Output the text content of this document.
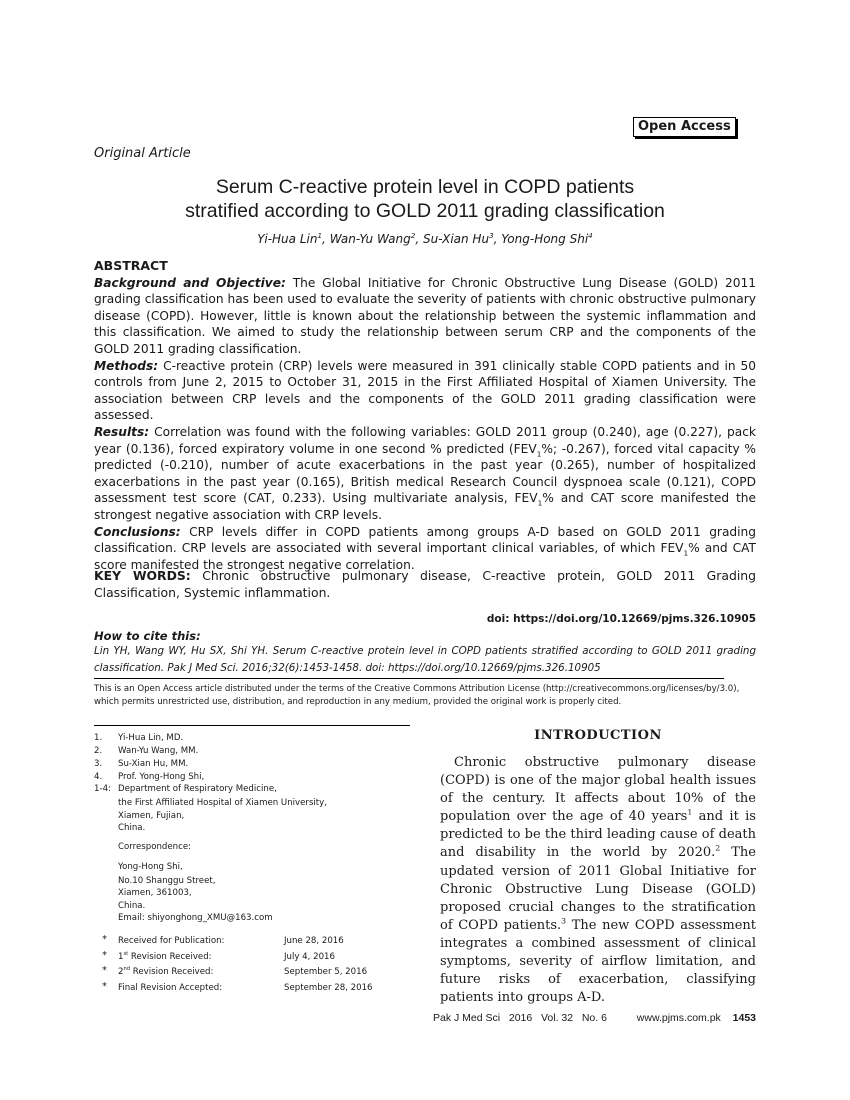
Open Access
Original Article
Serum C-reactive protein level in COPD patients
stratified according to GOLD 2011 grading classification
Yi-Hua Lin$^1$, Wan-Yu Wang$^2$, Su-Xian Hu$^3$, Yong-Hong Shi$^4$

ABSTRACT

Background and Objective: The Global Initiative for Chronic Obstructive Lung Disease (GOLD) 2011 grading classification has been used to evaluate the severity of patients with chronic obstructive pulmonary disease (COPD). However, little is known about the relationship between the systemic inflammation and this classification. We aimed to study the relationship between serum CRP and the components of the GOLD 2011 grading classification.

Methods: C-reactive protein (CRP) levels were measured in 391 clinically stable COPD patients and in 50 controls from June 2, 2015 to October 31, 2015 in the First Affiliated Hospital of Xiamen University. The association between CRP levels and the components of the GOLD 2011 grading classification were assessed.

Results: Correlation was found with the following variables: GOLD 2011 group (0.240), age (0.227), pack year (0.136), forced expiratory volume in one second % predicted ($FEV_1\%$; -0.267), forced vital capacity % predicted (-0.210), number of acute exacerbations in the past year (0.265), number of hospitalized exacerbations in the past year (0.165), British medical Research Council dyspnoea scale (0.121), COPD assessment test score (CAT, 0.233). Using multivariate analysis, $FEV_1\%$ and CAT score manifested the strongest negative association with CRP levels.

Conclusions: CRP levels differ in COPD patients among groups A-D based on GOLD 2011 grading classification. CRP levels are associated with several important clinical variables, of which $FEV_1\%$ and CAT score manifested the strongest negative correlation.

KEY WORDS: Chronic obstructive pulmonary disease, C-reactive protein, GOLD 2011 Grading Classification, Systemic inflammation.
doi: https://doi.org/10.12669/pjms.326.10905
How to cite this:
Lin YH, Wang WY, Hu SX, Shi YH. Serum C-reactive protein level in COPD patients stratified according to GOLD 2011 grading classification. Pak J Med Sci. 2016;32(6):1453-1458. doi: https://doi.org/10.12669/pjms.326.10905
This is an Open Access article distributed under the terms of the Creative Commons Attribution License (http://creativecommons.org/licenses/by/3.0), which permits unrestricted use, distribution, and reproduction in any medium, provided the original work is properly cited.
1. Yi-Hua Lin, MD.
2. Wan-Yu Wang, MM.
3. Su-Xian Hu, MM.
4. Prof. Yong-Hong Shi,
1-4: Department of Respiratory Medicine,
the First Affiliated Hospital of Xiamen University,
Xiamen, Fujian,
China.
Correspondence:
Yong-Hong Shi,
No.10 Shanggu Street,
Xiamen, 361003,
China.
Email: shiyonghong_XMU@163.com
* Received for Publication:	June 28, 2016
* 1st Revision Received:	July 4, 2016
* 2nd Revision Received:	September 5, 2016
* Final Revision Accepted:	September 28, 2016
INTRODUCTION
Chronic obstructive pulmonary disease (COPD) is one of the major global health issues of the century. It affects about 10% of the population over the age of 40 years$^1$ and it is predicted to be the third leading cause of death and disability in the world by 2020.$^2$ The updated version of 2011 Global Initiative for Chronic Obstructive Lung Disease (GOLD) proposed crucial changes to the stratification of COPD patients.$^3$ The new COPD assessment integrates a combined assessment of clinical symptoms, severity of airflow limitation, and future risks of exacerbation, classifying patients into groups A-D.
Pak J Med Sci   2016   Vol. 32   No. 6	www.pjms.com.pk 1453
